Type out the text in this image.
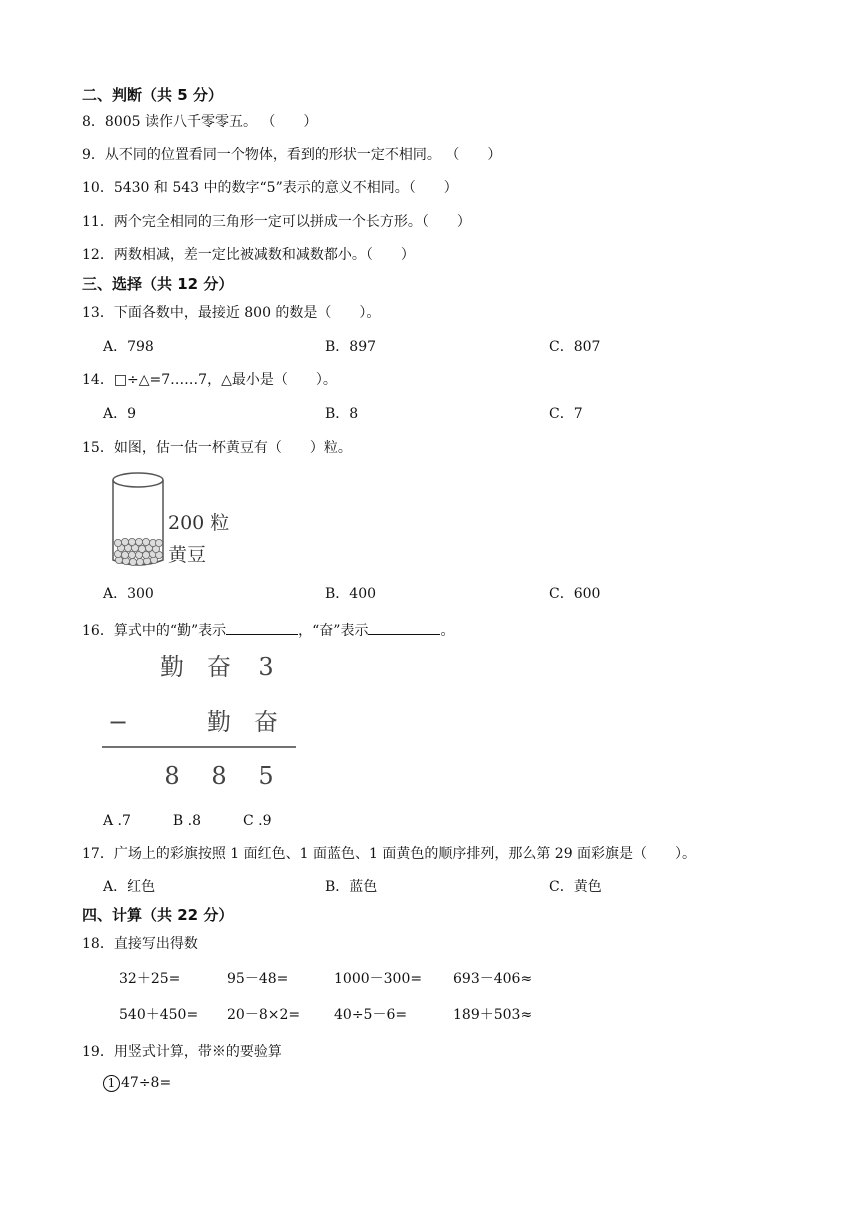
二、判断（共 5 分）
8．8005 读作八千零零五。 （　　）
9．从不同的位置看同一个物体，看到的形状一定不相同。 （　　）
10．5430 和 543 中的数字“5”表示的意义不相同。（　　）
11．两个完全相同的三角形一定可以拼成一个长方形。（　　）
12．两数相减，差一定比被减数和减数都小。（　　）
三、选择（共 12 分）
13．下面各数中，最接近 800 的数是（　　）。
A．798	B．897	C．807
14．□÷△=7……7，△最小是（　　）。
A．9	B．8	C．7
15．如图，估一估一杯黄豆有（　　）粒。
200 粒
黄豆
A．300	B．400	C．600
16．算式中的“勤”表示	，“奋”表示	。
勤 奋 3
−	勤 奋
8 8 5
A .7　　　B .8　　　C .9
17．广场上的彩旗按照 1 面红色、1 面蓝色、1 面黄色的顺序排列，那么第 29 面彩旗是（　　）。
A．红色	B．蓝色	C．黄色
四、计算（共 22 分）
18．直接写出得数
32＋25=	95－48=	1000－300= 693－406≈
540＋450= 20－8×2= 40÷5－6=	189＋503≈
19．用竖式计算，带※的要验算
1 47÷8=
